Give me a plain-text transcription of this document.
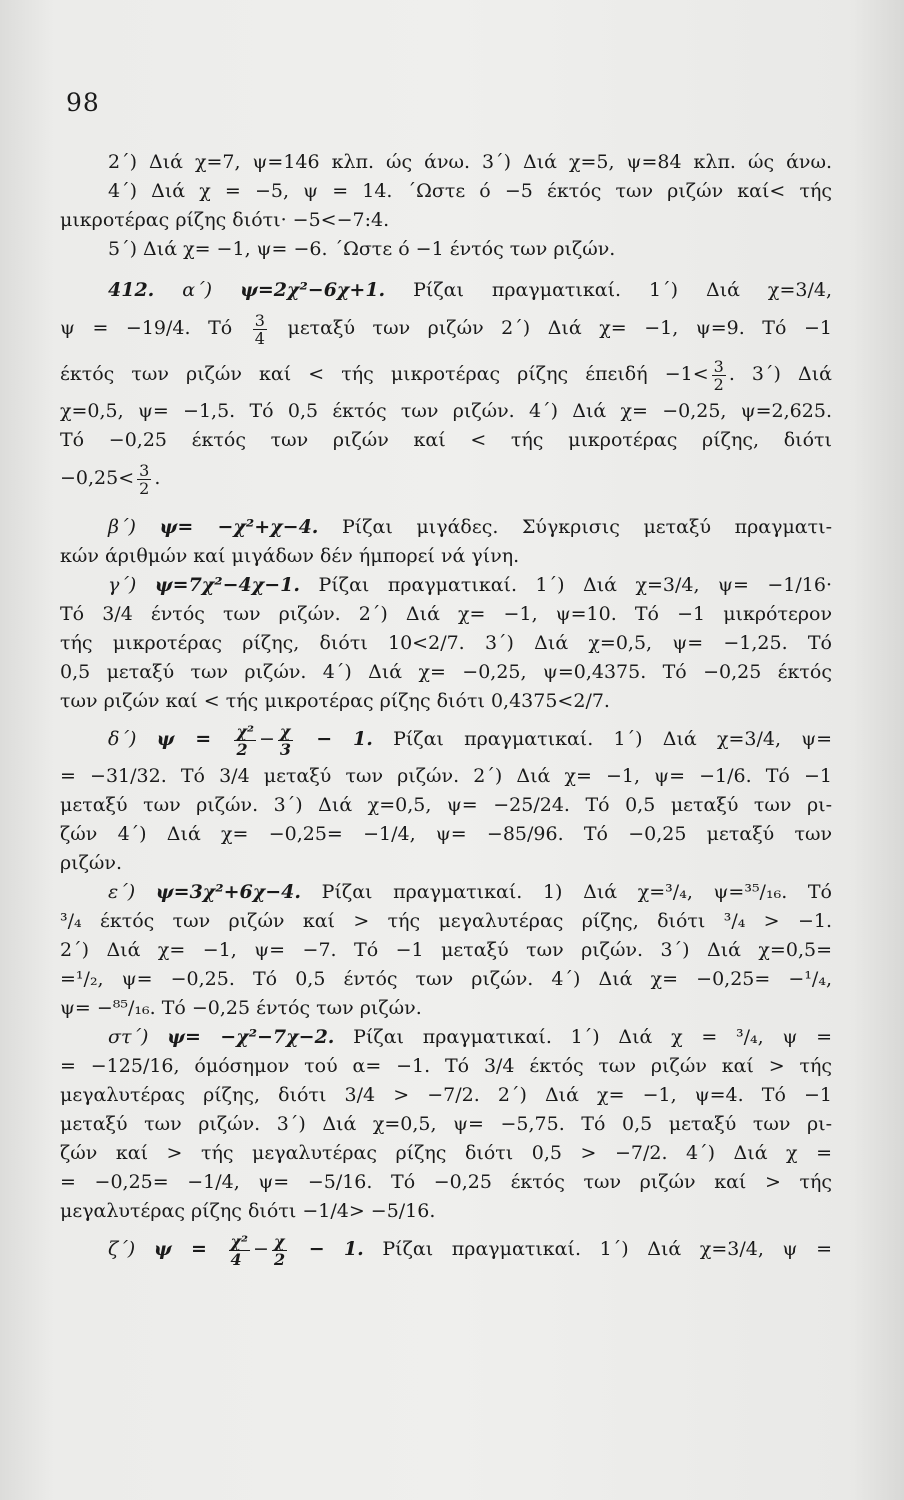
98
2΄) Διά χ=7, ψ=146 κλπ. ώς άνω. 3΄) Διά χ=5, ψ=84 κλπ. ώς άνω.
4΄) Διά χ = −5, ψ = 14. ΄Ωστε ό −5 έκτός των ριζών καί< τής
μικροτέρας ρίζης διότι· −5<−7:4.
5΄) Διά χ= −1, ψ= −6. ΄Ωστε ό −1 έντός των ριζών.
412. α΄) ψ=2χ²−6χ+1. Ρίζαι πραγματικαί. 1΄) Διά χ=3/4,
ψ = −19/4. Τό $\frac{3}{4}$ μεταξύ των ριζών 2΄) Διά χ= −1, ψ=9. Τό −1
έκτός των ριζών καί < τής μικροτέρας ρίζης $έ\pi\varepsilon\iota\delta ή -1< \frac{3}{2}$ . 3΄) Διά
χ=0,5, ψ= −1,5. Τό 0,5 έκτός των ριζών. 4΄) Διά χ= −0,25, ψ=2,625.
Τό −0,25 έκτός των ριζών καί < τής μικροτέρας ρίζης, διότι
$-0,25< \frac{3}{2}$ .
β΄) ψ= −χ²+χ−4. Ρίζαι μιγάδες. Σύγκρισις μεταξύ πραγματι-
κών άριθμών καί μιγάδων δέν ήμπορεί νά γίνη.
γ΄) ψ=7χ²−4χ−1. Ρίζαι πραγματικαί. 1΄) Διά χ=3/4, ψ= −1/16·
Τό 3/4 έντός των ριζών. 2΄) Διά χ= −1, ψ=10. Τό −1 μικρότερον
τής μικροτέρας ρίζης, διότι 10<2/7. 3΄) Διά χ=0,5, ψ= −1,25. Τό
0,5 μεταξύ των ριζών. 4΄) Διά χ= −0,25, ψ=0,4375. Τό −0,25 έκτός
των ριζών καί < τής μικροτέρας ρίζης διότι 0,4375<2/7.
δ΄) $\psi = \frac{\text{χ²}}{2} - \frac{\chi}{3} - 1$. Ρίζαι πραγματικαί. 1΄) Διά χ=3/4, ψ=
= −31/32. Τό 3/4 μεταξύ των ριζών. 2΄) Διά χ= −1, ψ= −1/6. Τό −1
μεταξύ των ριζών. 3΄) Διά χ=0,5, ψ= −25/24. Τό 0,5 μεταξύ των ρι-
ζών 4΄) Διά χ= −0,25= −1/4, ψ= −85/96. Τό −0,25 μεταξύ των
ριζών.
ε΄) ψ=3χ²+6χ−4. Ρίζαι πραγματικαί. 1) Διά χ=³/₄, ψ=³⁵/₁₆. Τό
³/₄ έκτός των ριζών καί > τής μεγαλυτέρας ρίζης, διότι ³/₄ > −1.
2΄) Διά χ= −1, ψ= −7. Τό −1 μεταξύ των ριζών. 3΄) Διά χ=0,5=
=¹/₂, ψ= −0,25. Τό 0,5 έντός των ριζών. 4΄) Διά χ= −0,25= −¹/₄,
ψ= −⁸⁵/₁₆. Τό −0,25 έντός των ριζών.
στ΄) ψ= −χ²−7χ−2. Ρίζαι πραγματικαί. 1΄) Διά χ = ³/₄, ψ =
= −125/16, όμόσημον τού α= −1. Τό 3/4 έκτός των ριζών καί > τής
μεγαλυτέρας ρίζης, διότι 3/4 > −7/2. 2΄) Διά χ= −1, ψ=4. Τό −1
μεταξύ των ριζών. 3΄) Διά χ=0,5, ψ= −5,75. Τό 0,5 μεταξύ των ρι-
ζών καί > τής μεγαλυτέρας ρίζης διότι 0,5 > −7/2. 4΄) Διά χ =
= −0,25= −1/4, ψ= −5/16. Τό −0,25 έκτός των ριζών καί > τής
μεγαλυτέρας ρίζης διότι −1/4> −5/16.
ζ΄) $\psi = \frac{\text{χ²}}{4} - \frac{\chi}{2} - 1$. Ρίζαι πραγματικαί. 1΄) Διά χ=3/4, ψ =
